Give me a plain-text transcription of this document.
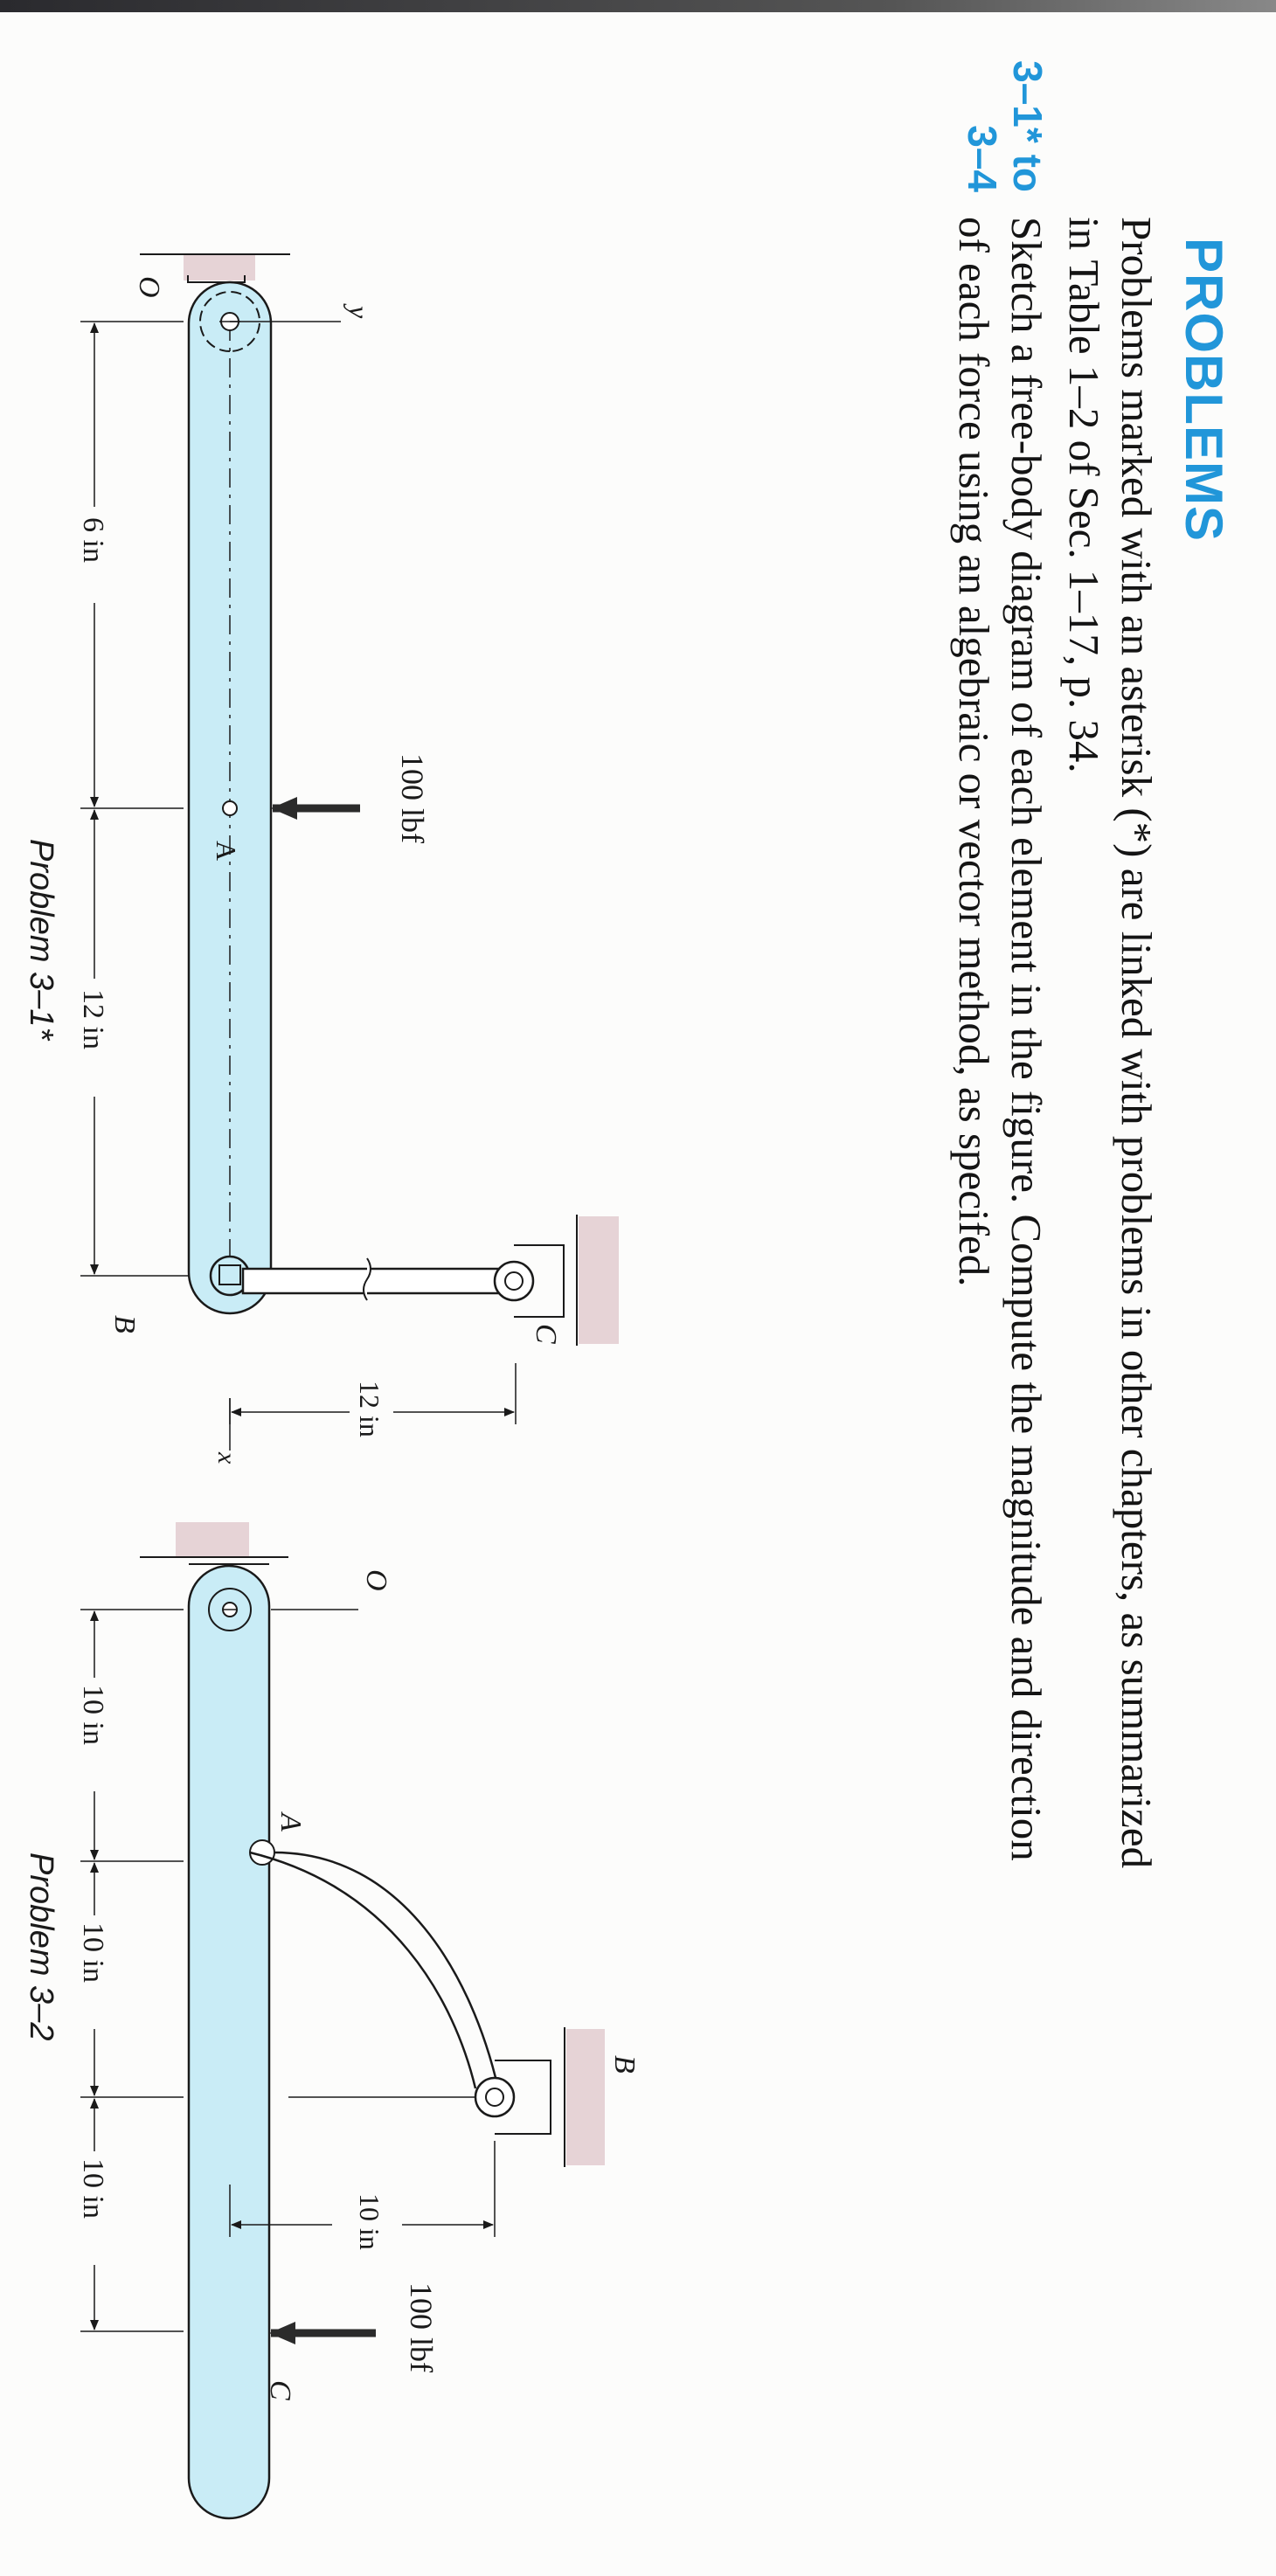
PROBLEMS
Problems marked with an asterisk (*) are linked with problems in other chapters, as summarized
in Table 1–2 of Sec. 1–17, p. 34.
3–1* to
3–4
Sketch a free-body diagram of each element in the figure. Compute the magnitude and direction
of each force using an algebraic or vector method, as specifed.
O
y
A
100 lbf
B	C
x
12 in
6 in
12 in
O
A
B
10 in
100 lbf
C
10 in
10 in
10 in
Problem 3–1*
Problem 3–2
